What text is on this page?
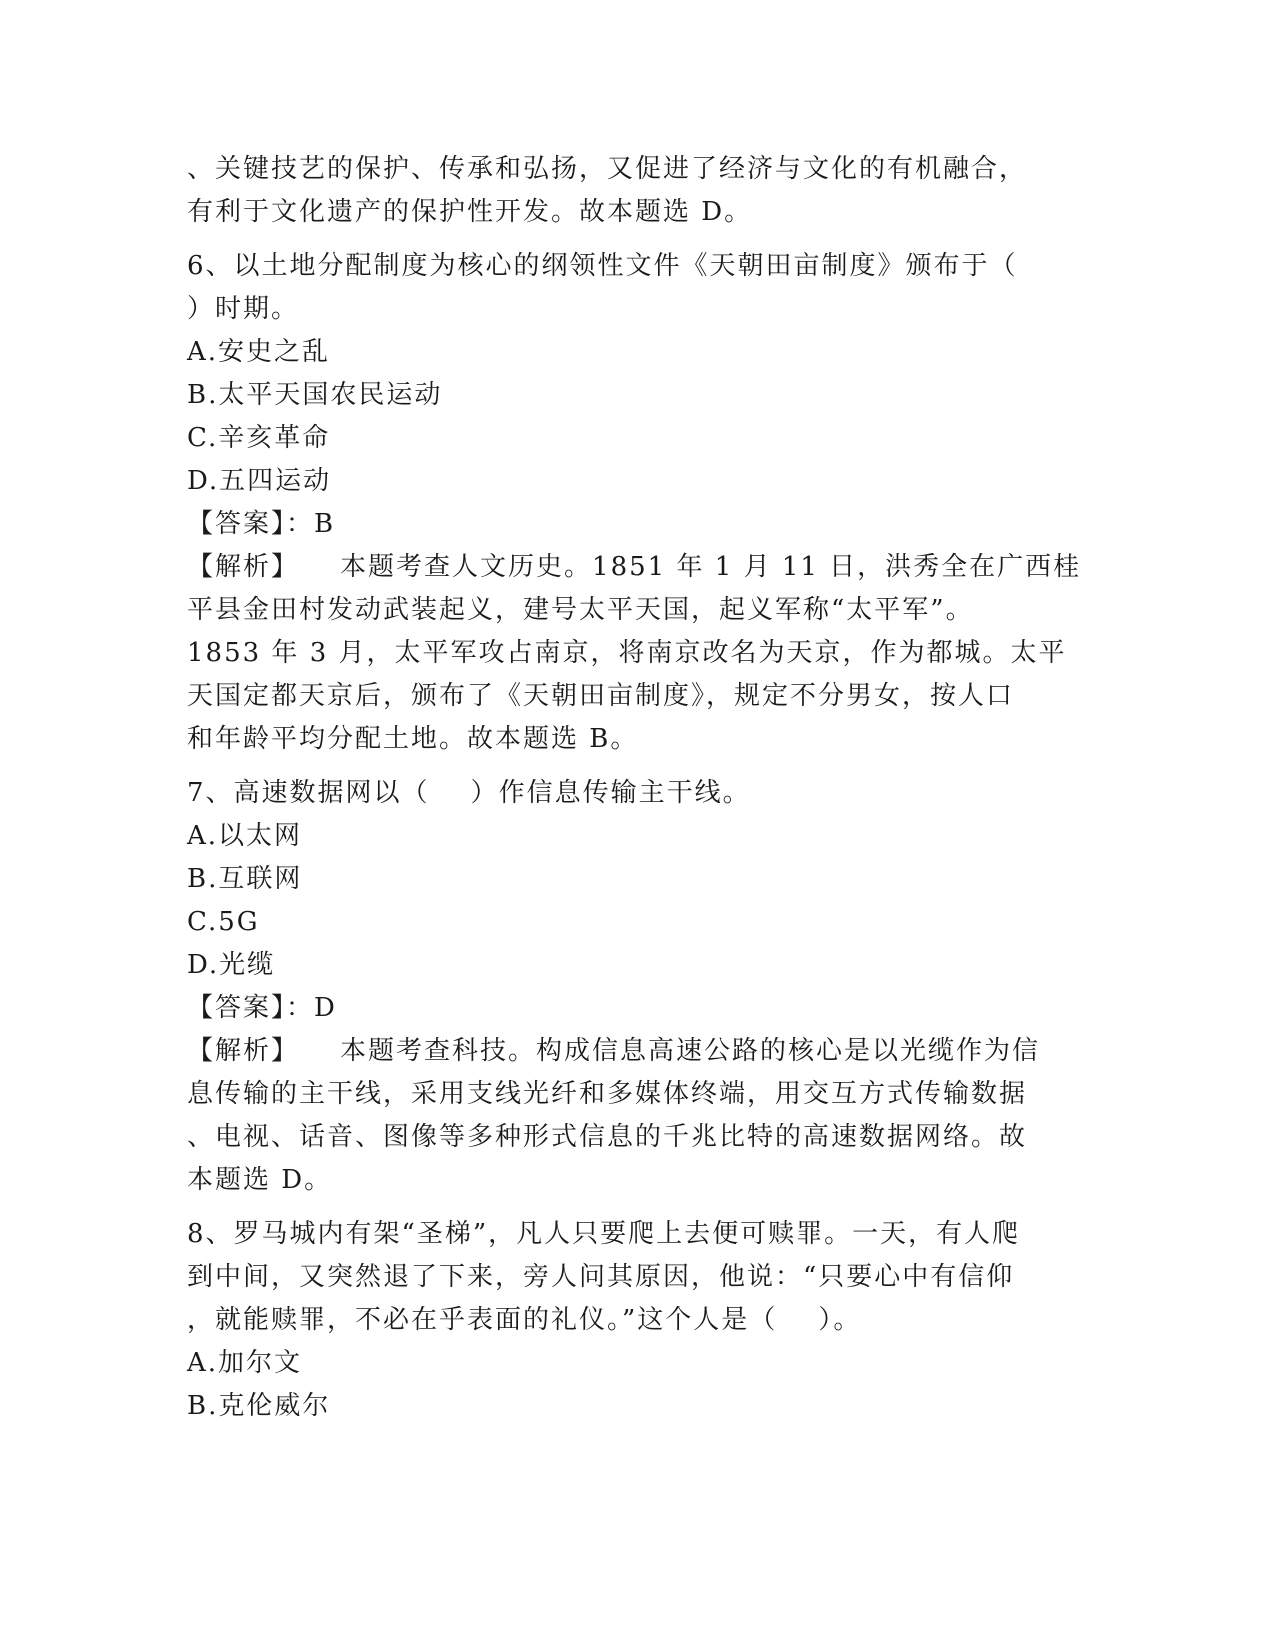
、关键技艺的保护、传承和弘扬，又促进了经济与文化的有机融合，
有利于文化遗产的保护性开发。故本题选 D。
6、以土地分配制度为核心的纲领性文件《天朝田亩制度》颁布于（
）时期。
A.安史之乱
B.太平天国农民运动
C.辛亥革命
D.五四运动
【答案】：B
【解析】    本题考查人文历史。1851 年 1 月 11 日，洪秀全在广西桂
平县金田村发动武装起义，建号太平天国，起义军称“太平军”。
1853 年 3 月，太平军攻占南京，将南京改名为天京，作为都城。太平
天国定都天京后，颁布了《天朝田亩制度》，规定不分男女，按人口
和年龄平均分配土地。故本题选 B。
7、高速数据网以（    ）作信息传输主干线。
A.以太网
B.互联网
C.5G
D.光缆
【答案】：D
【解析】    本题考查科技。构成信息高速公路的核心是以光缆作为信
息传输的主干线，采用支线光纤和多媒体终端，用交互方式传输数据
、电视、话音、图像等多种形式信息的千兆比特的高速数据网络。故
本题选 D。
8、罗马城内有架“圣梯”，凡人只要爬上去便可赎罪。一天，有人爬
到中间，又突然退了下来，旁人问其原因，他说：“只要心中有信仰
，就能赎罪，不必在乎表面的礼仪。”这个人是（    ）。
A.加尔文
B.克伦威尔
